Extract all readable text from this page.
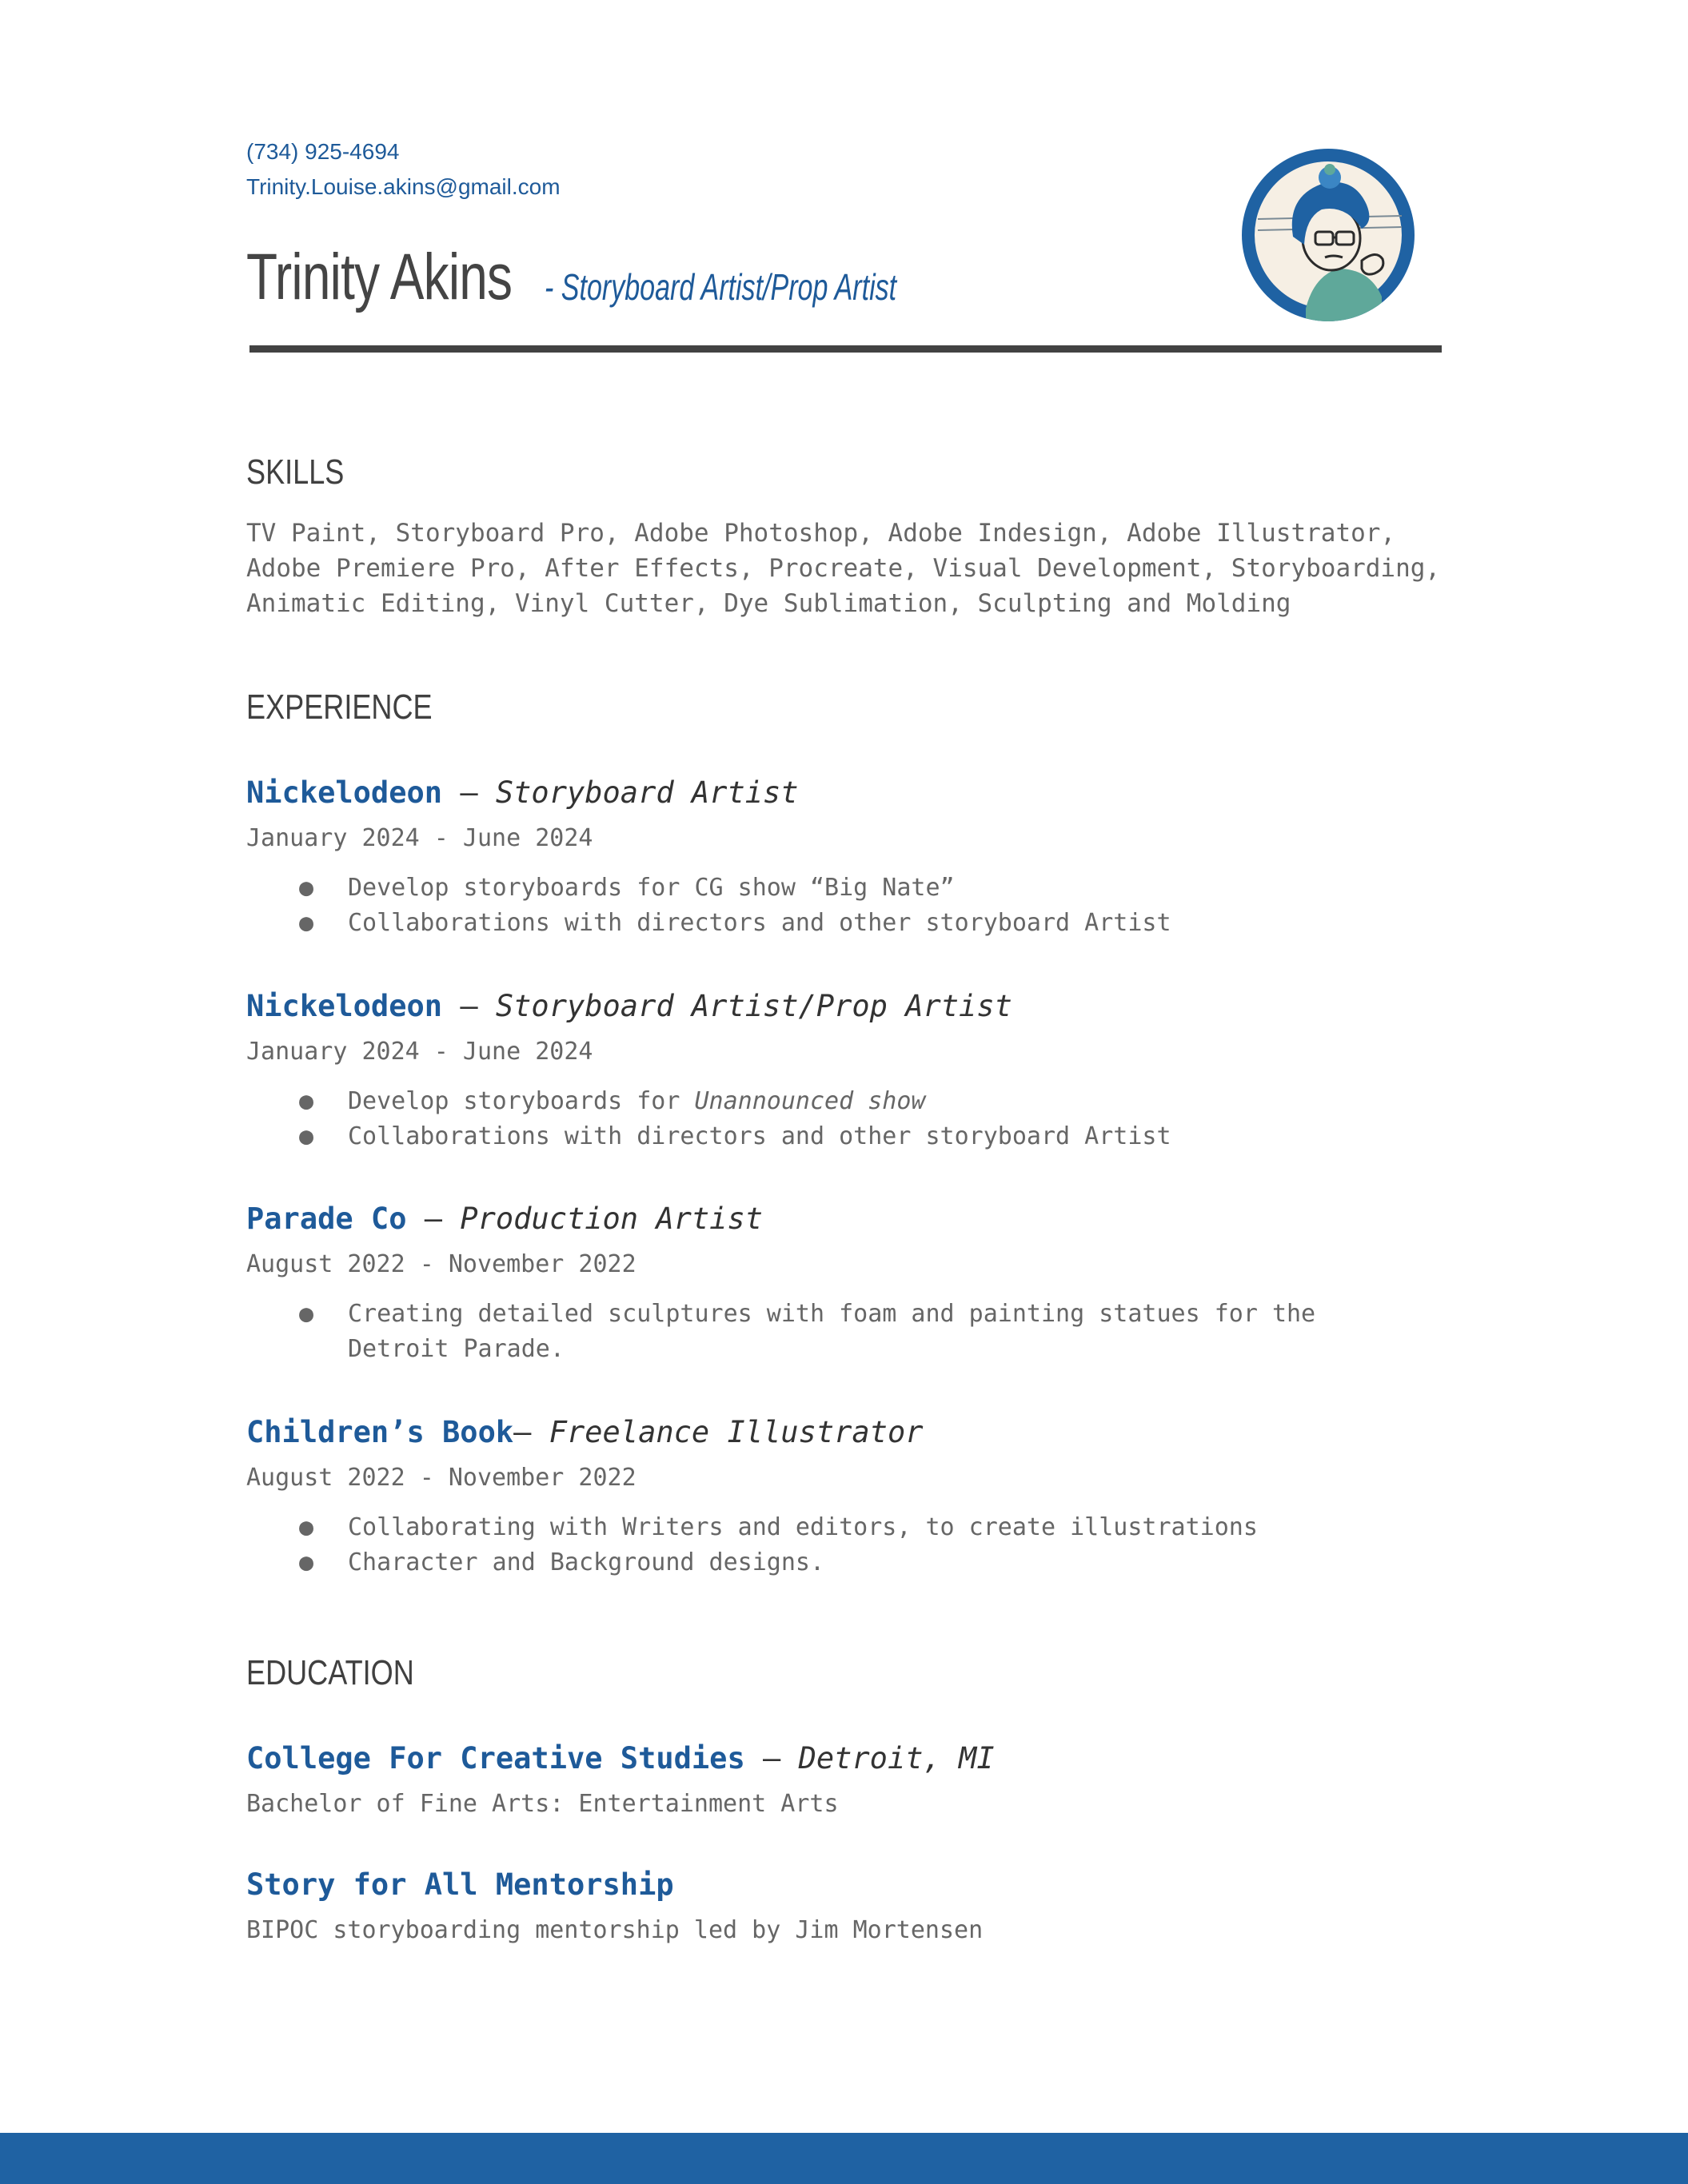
(734) 925-4694
Trinity.Louise.akins@gmail.com
Trinity Akins - Storyboard Artist/Prop Artist
SKILLS
TV Paint, Storyboard Pro, Adobe Photoshop, Adobe Indesign, Adobe Illustrator, Adobe Premiere Pro, After Effects, Procreate, Visual Development, Storyboarding, Animatic Editing, Vinyl Cutter, Dye Sublimation, Sculpting and Molding
EXPERIENCE
Nickelodeon — Storyboard Artist
January 2024 - June 2024
● Develop storyboards for CG show “Big Nate”
● Collaborations with directors and other storyboard Artist
Nickelodeon — Storyboard Artist/Prop Artist
January 2024 - June 2024
● Develop storyboards for Unannounced show
● Collaborations with directors and other storyboard Artist
Parade Co — Production Artist
August 2022 - November 2022
● Creating detailed sculptures with foam and painting statues for the Detroit Parade.
Children’s Book— Freelance Illustrator
August 2022 - November 2022
● Collaborating with Writers and editors, to create illustrations
● Character and Background designs.
EDUCATION
College For Creative Studies — Detroit, MI
Bachelor of Fine Arts: Entertainment Arts
Story for All Mentorship
BIPOC storyboarding mentorship led by Jim Mortensen
